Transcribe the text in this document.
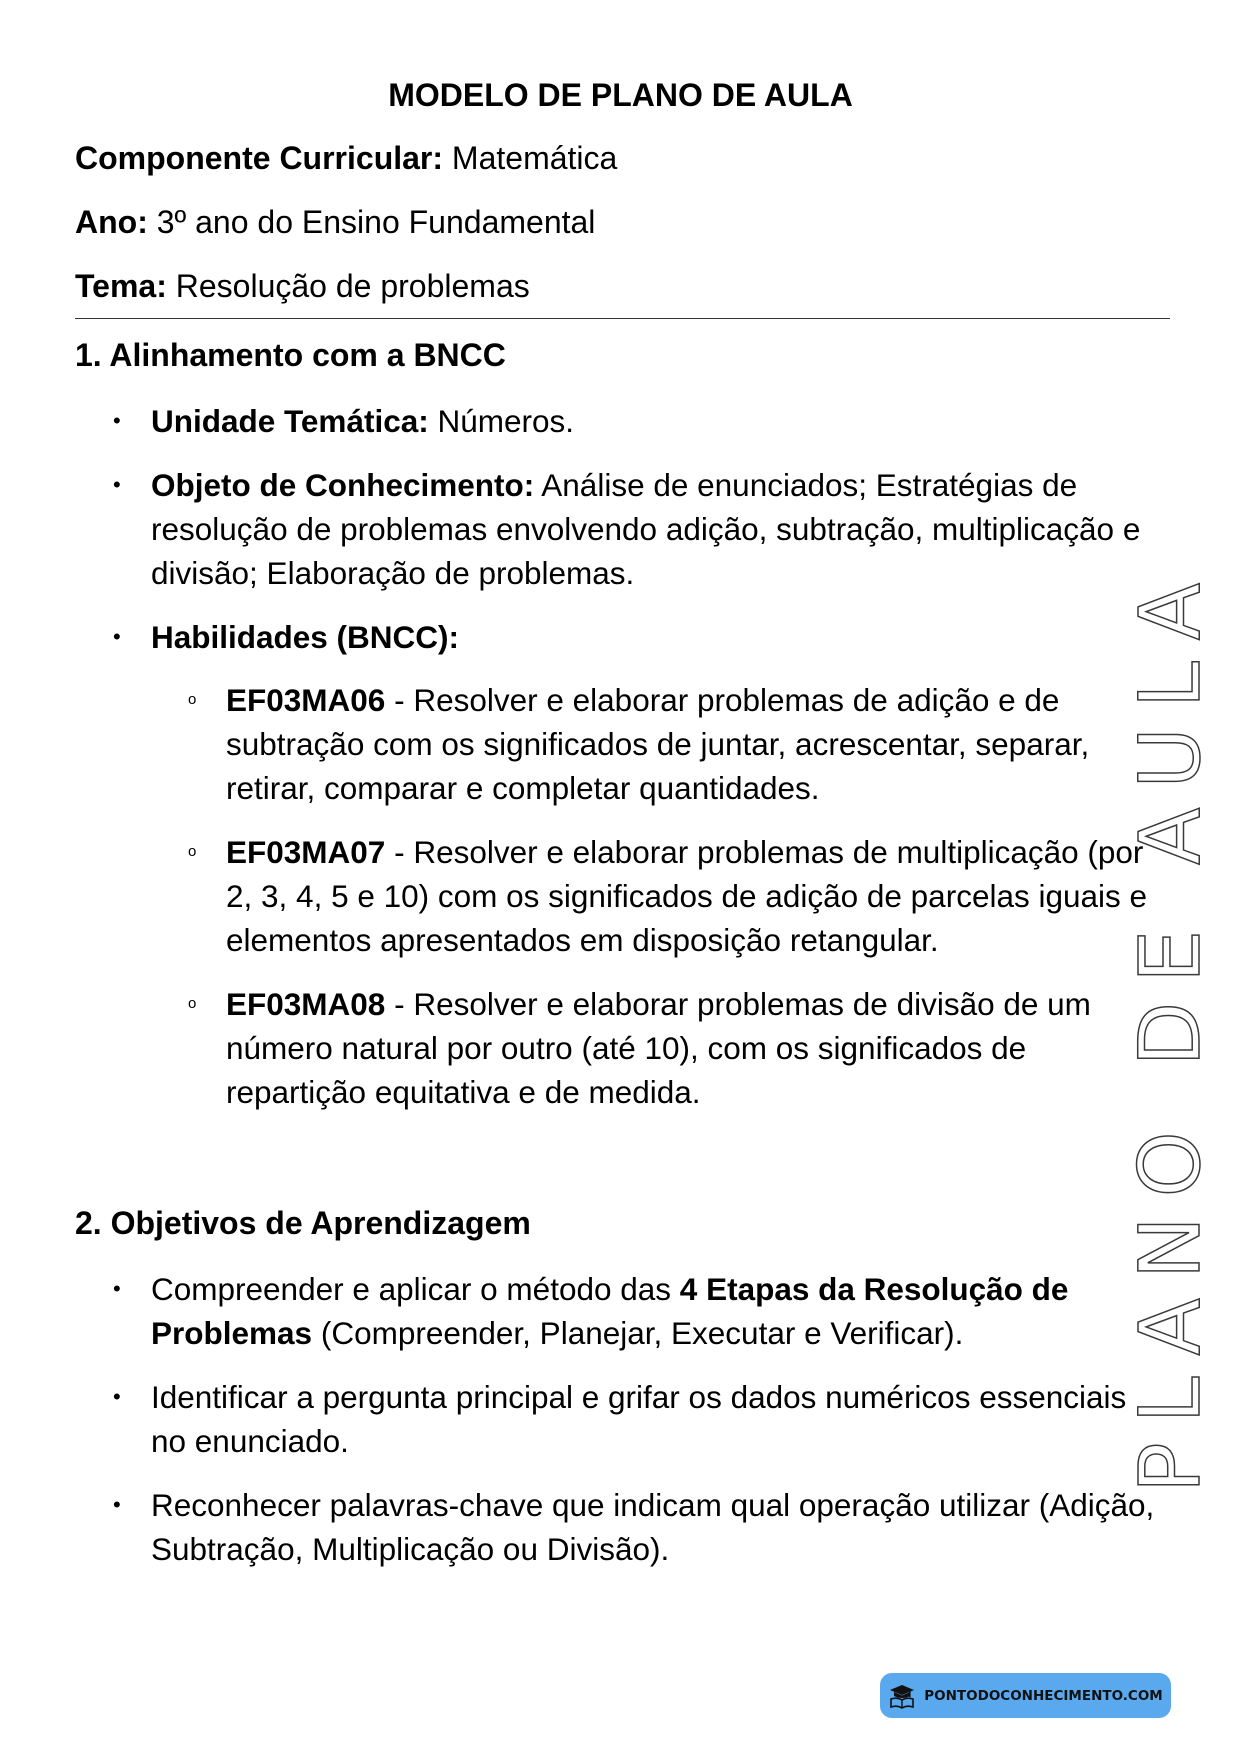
MODELO DE PLANO DE AULA
Componente Curricular: Matemática
Ano: 3º ano do Ensino Fundamental
Tema: Resolução de problemas
1. Alinhamento com a BNCC
• Unidade Temática: Números.
• Objeto de Conhecimento: Análise de enunciados; Estratégias de resolução de problemas envolvendo adição, subtração, multiplicação e divisão; Elaboração de problemas.
• Habilidades (BNCC):
o EF03MA06 - Resolver e elaborar problemas de adição e de subtração com os significados de juntar, acrescentar, separar, retirar, comparar e completar quantidades.
o EF03MA07 - Resolver e elaborar problemas de multiplicação (por 2, 3, 4, 5 e 10) com os significados de adição de parcelas iguais e elementos apresentados em disposição retangular.
o EF03MA08 - Resolver e elaborar problemas de divisão de um número natural por outro (até 10), com os significados de repartição equitativa e de medida.
2. Objetivos de Aprendizagem
• Compreender e aplicar o método das 4 Etapas da Resolução de Problemas (Compreender, Planejar, Executar e Verificar).
• Identificar a pergunta principal e grifar os dados numéricos essenciais no enunciado.
• Reconhecer palavras-chave que indicam qual operação utilizar (Adição, Subtração, Multiplicação ou Divisão).
PLANO DE AULA
PONTODOCONHECIMENTO.COM
